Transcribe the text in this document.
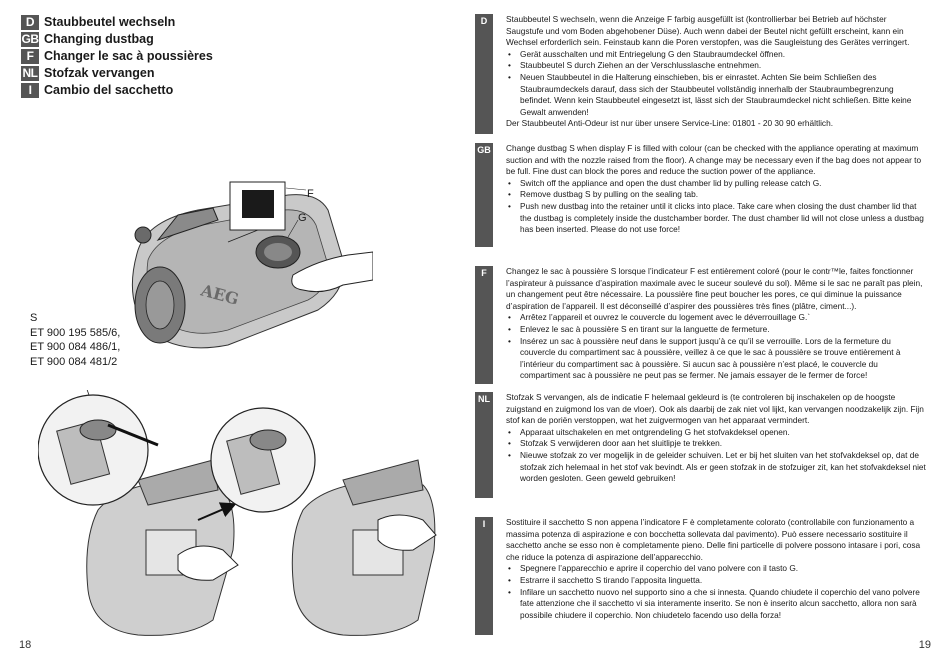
D Staubbeutel wechseln
GB Changing dustbag
F Changer le sac à poussières
NL Stofzak vervangen
I	Cambio del sacchetto
AEG
F
G
S
ET 900 195 585/6,
ET 900 084 486/1,
ET 900 084 481/2
18
D	Staubbeutel S wechseln, wenn die Anzeige F farbig ausgefüllt ist (kontrollierbar bei Betrieb auf höchster Saugstufe und vom Boden abgehobener Düse). Auch wenn dabei der Beutel nicht gefüllt erscheint, kann ein Wechsel erforderlich sein. Feinstaub kann die Poren verstopfen, was die Saugleistung des Gerätes verringert.

• Gerät ausschalten und mit Entriegelung G den Staubraumdeckel öffnen.
• Staubbeutel S durch Ziehen an der Verschlusslasche entnehmen.
• Neuen Staubbeutel in die Halterung einschieben, bis er einrastet. Achten Sie beim Schließen des Staubraumdeckels darauf, dass sich der Staubbeutel vollständig innerhalb der Staubraumbegrenzung befindet. Wenn kein Staubbeutel eingesetzt ist, lässt sich der Staubraumdeckel nicht schließen. Bitte keine Gewalt anwenden!

Der Staubbeutel Anti-Odeur ist nur über unsere Service-Line: 01801 - 20 30 90 erhältlich.

GB Change dustbag S when display F is filled with colour (can be checked with the appliance operating at maximum suction and with the nozzle raised from the floor). A change may be necessary even if the bag does not appear to be full. Fine dust can block the pores and reduce the suction power of the appliance.

• Switch off the appliance and open the dust chamber lid by pulling release catch G.
• Remove dustbag S by pulling on the sealing tab.
• Push new dustbag into the retainer until it clicks into place. Take care when closing the dust chamber lid that the dustbag is completely inside the dustchamber border. The dust chamber lid will not close unless a dustbag has been inserted. Please do not use force!
F	Changez le sac à poussière S lorsque l’indicateur F est entièrement coloré (pour le contr™le, faites fonctionner l’aspirateur à puissance d’aspiration maximale avec le suceur soulevé du sol). Même si le sac ne paraît pas plein, un changement peut être nécessaire. La poussière fine peut boucher les pores, ce qui diminue la puissance d’aspiration de l’appareil. Il est déconseillé d’aspirer des poussières très fines (plâtre, ciment...).

• Arrêtez l’appareil et ouvrez le couvercle du logement avec le déverrouillage G.`
• Enlevez le sac à poussière S en tirant sur la languette de fermeture.
• Insérez un sac à poussière neuf dans le support jusqu’à ce qu’il se verrouille. Lors de la fermeture du couvercle du compartiment sac à poussière, veillez à ce que le sac à poussière se trouve entièrement à l’intérieur du compartiment sac à poussière. Si aucun sac à poussière n’est placé, le couvercle du compartiment sac à poussière ne peut pas se fermer. Ne jamais essayer de le fermer de force!
NL	Stofzak S vervangen, als de indicatie F helemaal gekleurd is (te controleren bij inschakelen op de hoogste zuigstand en zuigmond los van de vloer). Ook als daarbij de zak niet vol lijkt, kan vervangen noodzakelijk zijn. Fijn stof kan de poriën verstoppen, wat het zuigvermogen van het apparaat vermindert.

• Apparaat uitschakelen en met ontgrendeling G het stofvakdeksel openen.
• Stofzak S verwijderen door aan het sluitlipje te trekken.
• Nieuwe stofzak zo ver mogelijk in de geleider schuiven. Let er bij het sluiten van het stofvakdeksel op, dat de stofzak zich helemaal in het stof vak bevindt. Als er geen stofzak in de stofzuiger zit, kan het stofvakdeksel niet worden gesloten. Geen geweld gebruiken!
I	Sostituire il sacchetto S non appena l’indicatore F è completamente colorato (controllabile con funzionamento a massima potenza di aspirazione e con bocchetta sollevata dal pavimento). Può essere necessario sostituire il sacchetto anche se esso non è completamente pieno. Delle fini particelle di polvere possono intasare i pori, cosa che riduce la potenza di aspirazione dell’apparecchio.

• Spegnere l’apparecchio e aprire il coperchio del vano polvere con il tasto G.
• Estrarre il sacchetto S tirando l’apposita linguetta.
• Infilare un sacchetto nuovo nel supporto sino a che si innesta. Quando chiudete il coperchio del vano polvere fate attenzione che il sacchetto vi sia interamente inserito. Se non è inserito alcun sacchetto, allora non sarà possibile chiudere il coperchio. Non chiudetelo facendo uso della forza!
19
